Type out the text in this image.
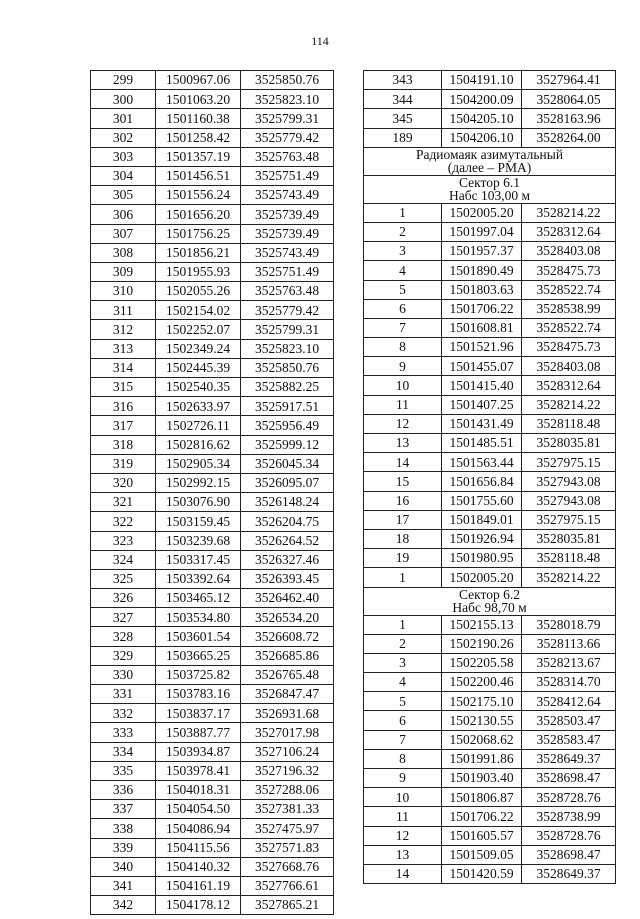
114
299	1500967.06	3525850.76
300	1501063.20	3525823.10
301	1501160.38	3525799.31
302	1501258.42	3525779.42
303	1501357.19	3525763.48
304	1501456.51	3525751.49
305	1501556.24	3525743.49
306	1501656.20	3525739.49
307	1501756.25	3525739.49
308	1501856.21	3525743.49
309	1501955.93	3525751.49
310	1502055.26	3525763.48
311	1502154.02	3525779.42
312	1502252.07	3525799.31
313	1502349.24	3525823.10
314	1502445.39	3525850.76
315	1502540.35	3525882.25
316	1502633.97	3525917.51
317	1502726.11	3525956.49
318	1502816.62	3525999.12
319	1502905.34	3526045.34
320	1502992.15	3526095.07
321	1503076.90	3526148.24
322	1503159.45	3526204.75
323	1503239.68	3526264.52
324	1503317.45	3526327.46
325	1503392.64	3526393.45
326	1503465.12	3526462.40
327	1503534.80	3526534.20
328	1503601.54	3526608.72
329	1503665.25	3526685.86
330	1503725.82	3526765.48
331	1503783.16	3526847.47
332	1503837.17	3526931.68
333	1503887.77	3527017.98
334	1503934.87	3527106.24
335	1503978.41	3527196.32
336	1504018.31	3527288.06
337	1504054.50	3527381.33
338	1504086.94	3527475.97
339	1504115.56	3527571.83
340	1504140.32	3527668.76
341	1504161.19	3527766.61
342	1504178.12	3527865.21
343	1504191.10	3527964.41
344	1504200.09	3528064.05
345	1504205.10	3528163.96
189	1504206.10	3528264.00

Радиомаяк азимутальный
(далее – РМА)		

Сектор 6.1
Набс 103,00 м		

1	1502005.20	3528214.22
2	1501997.04	3528312.64
3	1501957.37	3528403.08
4	1501890.49	3528475.73
5	1501803.63	3528522.74
6	1501706.22	3528538.99
7	1501608.81	3528522.74
8	1501521.96	3528475.73
9	1501455.07	3528403.08
10	1501415.40	3528312.64
11	1501407.25	3528214.22
12	1501431.49	3528118.48
13	1501485.51	3528035.81
14	1501563.44	3527975.15
15	1501656.84	3527943.08
16	1501755.60	3527943.08
17	1501849.01	3527975.15
18	1501926.94	3528035.81
19	1501980.95	3528118.48
1	1502005.20	3528214.22

Сектор 6.2
Набс 98,70 м		

1	1502155.13	3528018.79
2	1502190.26	3528113.66
3	1502205.58	3528213.67
4	1502200.46	3528314.70
5	1502175.10	3528412.64
6	1502130.55	3528503.47
7	1502068.62	3528583.47
8	1501991.86	3528649.37
9	1501903.40	3528698.47
10	1501806.87	3528728.76
11	1501706.22	3528738.99
12	1501605.57	3528728.76
13	1501509.05	3528698.47
14	1501420.59	3528649.37
